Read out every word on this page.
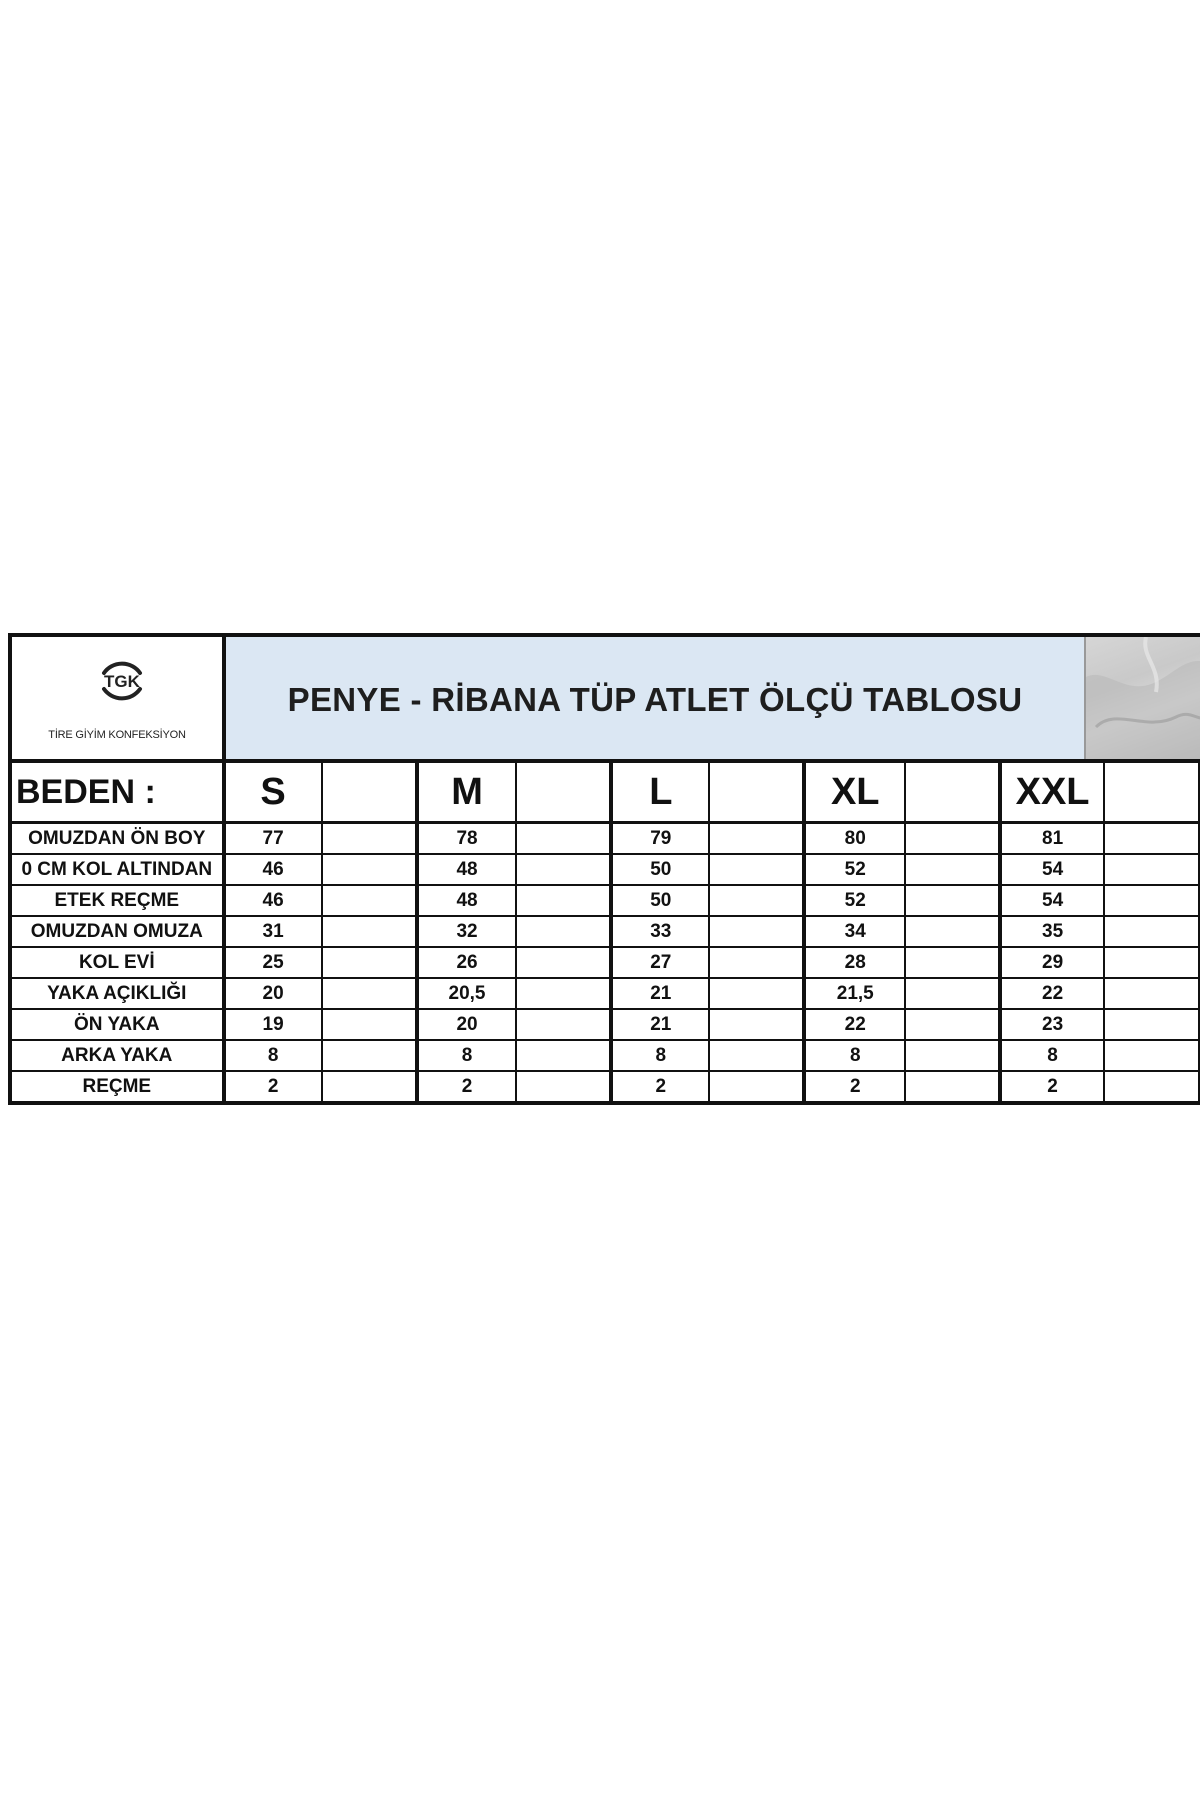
TGK
TİRE GİYİM KONFEKSİYON
PENYE - RİBANA TÜP ATLET ÖLÇÜ TABLOSU
BEDEN :	S		M		L		XL		XXL	
OMUZDAN ÖN BOY	77		78		79		80		81	
0 CM KOL ALTINDAN	46		48		50		52		54	
ETEK REÇME	46		48		50		52		54	
OMUZDAN OMUZA	31		32		33		34		35	
KOL EVİ	25		26		27		28		29	
YAKA AÇIKLIĞI	20		20,5		21		21,5		22	
ÖN YAKA	19		20		21		22		23	
ARKA YAKA	8		8		8		8		8	
REÇME	2		2		2		2		2	
